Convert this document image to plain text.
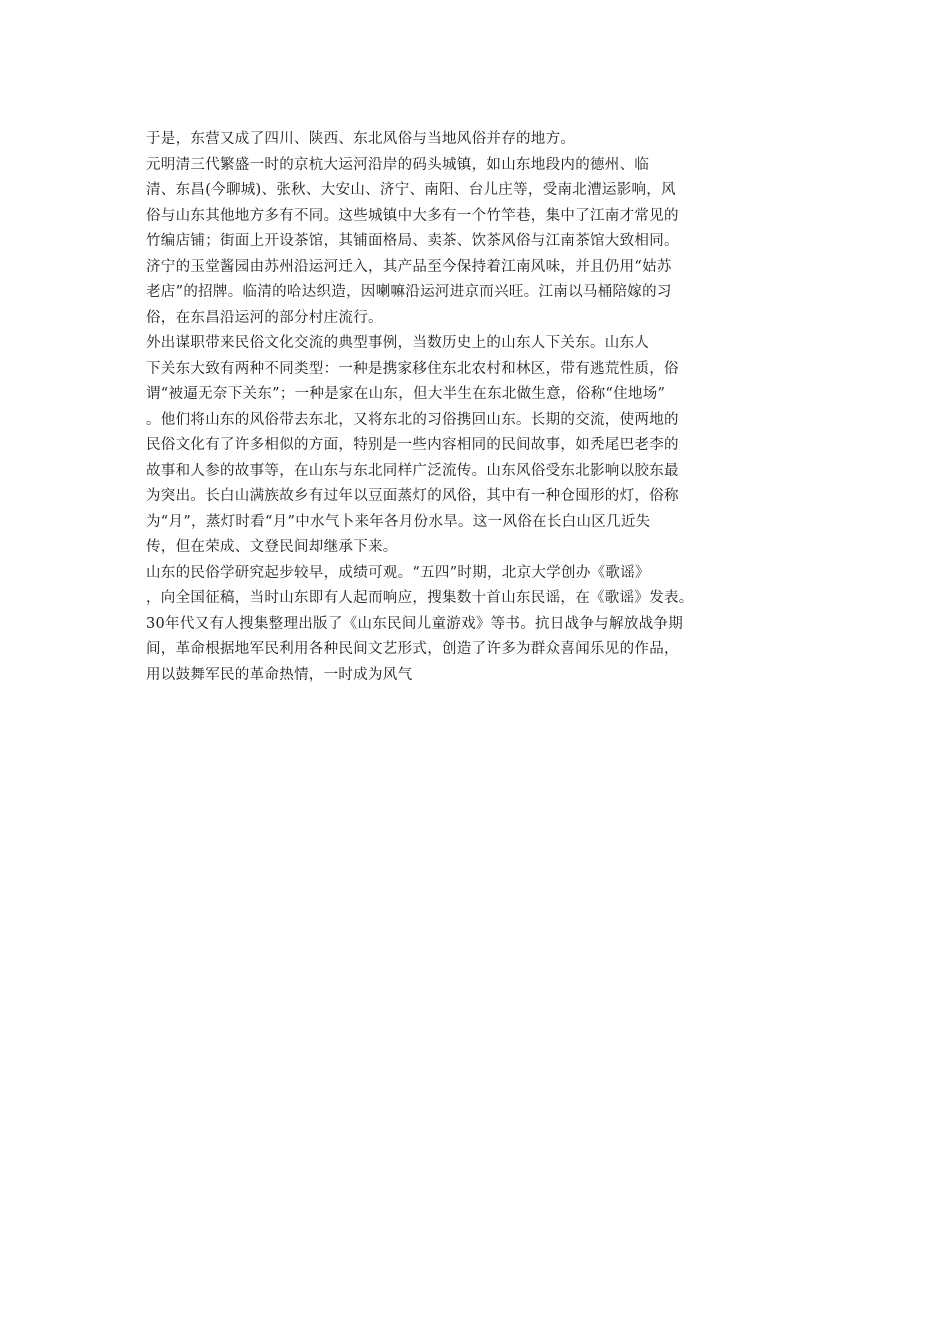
于是，东营又成了四川、陕西、东北风俗与当地风俗并存的地方。
元明清三代繁盛一时的京杭大运河沿岸的码头城镇，如山东地段内的德州、临
清、东昌(今聊城)、张秋、大安山、济宁、南阳、台儿庄等，受南北漕运影响，风
俗与山东其他地方多有不同。这些城镇中大多有一个竹竿巷，集中了江南才常见的
竹编店铺；街面上开设茶馆，其铺面格局、卖茶、饮茶风俗与江南茶馆大致相同。
济宁的玉堂酱园由苏州沿运河迁入，其产品至今保持着江南风味，并且仍用“姑苏
老店”的招牌。临清的哈达织造，因喇嘛沿运河进京而兴旺。江南以马桶陪嫁的习
俗，在东昌沿运河的部分村庄流行。
外出谋职带来民俗文化交流的典型事例，当数历史上的山东人下关东。山东人
下关东大致有两种不同类型：一种是携家移住东北农村和林区，带有逃荒性质，俗
谓“被逼无奈下关东”；一种是家在山东，但大半生在东北做生意，俗称“住地场”
。他们将山东的风俗带去东北，又将东北的习俗携回山东。长期的交流，使两地的
民俗文化有了许多相似的方面，特别是一些内容相同的民间故事，如秃尾巴老李的
故事和人参的故事等，在山东与东北同样广泛流传。山东风俗受东北影响以胶东最
为突出。长白山满族故乡有过年以豆面蒸灯的风俗，其中有一种仓囤形的灯，俗称
为“月”，蒸灯时看“月”中水气卜来年各月份水旱。这一风俗在长白山区几近失
传，但在荣成、文登民间却继承下来。
山东的民俗学研究起步较早，成绩可观。“五四”时期，北京大学创办《歌谣》
，向全国征稿，当时山东即有人起而响应，搜集数十首山东民谣，在《歌谣》发表。
30年代又有人搜集整理出版了《山东民间儿童游戏》等书。抗日战争与解放战争期
间，革命根据地军民利用各种民间文艺形式，创造了许多为群众喜闻乐见的作品，
用以鼓舞军民的革命热情，一时成为风气
